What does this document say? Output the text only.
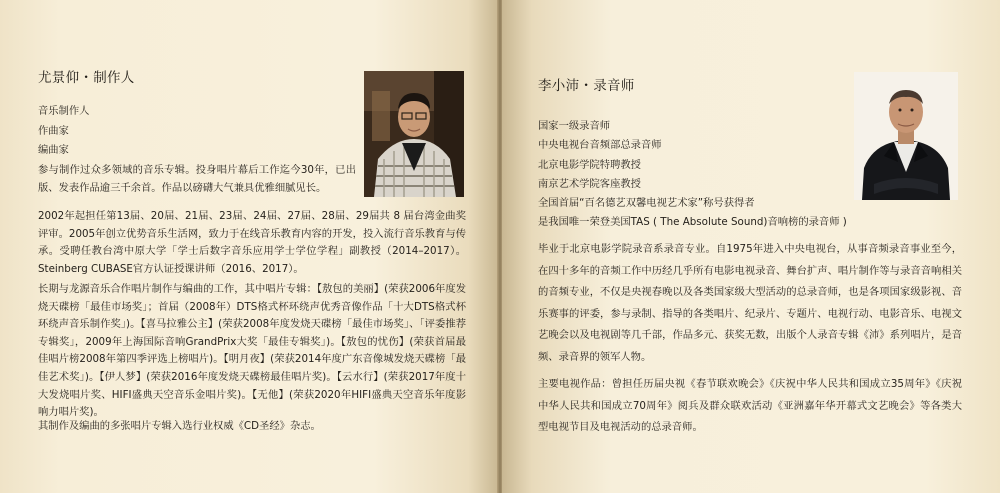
尤景仰・制作人
音乐制作人
作曲家
编曲家
参与制作过众多领域的音乐专辑。投身唱片幕后工作迄今30年，已出版、发表作品逾三千余首。作品以磅礴大气兼具优雅细腻见长。
2002年起担任第13届、20届、21届、23届、24届、27届、28届、29届共 8 届台湾金曲奖评审。2005年创立优势音乐生活网，致力于在线音乐教育内容的开发，投入流行音乐教育与传承。受聘任教台湾中原大学「学士后数字音乐应用学士学位学程」副教授（2014–2017）。Steinberg CUBASE官方认证授课讲师（2016、2017）。
长期与龙源音乐合作唱片制作与编曲的工作，其中唱片专辑：【敖包的美丽】(荣获2006年度发烧天碟榜「最佳市场奖」；首届（2008年）DTS格式杯环绕声优秀音像作品「十大DTS格式杯环绕声音乐制作奖」)。【喜马拉雅公主】(荣获2008年度发烧天碟榜「最佳市场奖」、「评委推荐专辑奖」，2009年上海国际音响GrandPrix大奖「最佳专辑奖」)。【敖包的忧伤】(荣获首届最佳唱片榜2008年第四季评选上榜唱片)。【明月夜】(荣获2014年度广东音像城发烧天碟榜「最佳艺术奖」)。【伊人梦】(荣获2016年度发烧天碟榜最佳唱片奖)。【云水行】(荣获2017年度十大发烧唱片奖、HIFI盛典天空音乐金唱片奖)。【无他】(荣获2020年HIFI盛典天空音乐年度影响力唱片奖)。
其制作及编曲的多张唱片专辑入选行业权威《CD圣经》杂志。
李小沛・录音师
国家一级录音师
中央电视台音频部总录音师
北京电影学院特聘教授
南京艺术学院客座教授
全国首届“百名德艺双馨电视艺术家”称号获得者
是我国唯一荣登美国TAS ( The Absolute Sound)音响榜的录音师 )
毕业于北京电影学院录音系录音专业。自1975年进入中央电视台，从事音频录音事业至今，在四十多年的音频工作中历经几乎所有电影电视录音、舞台扩声、唱片制作等与录音音响相关的音频专业，不仅是央视春晚以及各类国家级大型活动的总录音师，也是各项国家级影视、音乐赛事的评委，参与录制、指导的各类唱片、纪录片、专题片、电视行动、电影音乐、电视文艺晚会以及电视剧等几千部，作品多元、获奖无数，出版个人录音专辑《沛》系列唱片，是音频、录音界的领军人物。
主要电视作品：曾担任历届央视《春节联欢晚会》《庆祝中华人民共和国成立35周年》《庆祝中华人民共和国成立70周年》阅兵及群众联欢活动《亚洲嘉年华开幕式文艺晚会》等各类大型电视节目及电视活动的总录音师。
